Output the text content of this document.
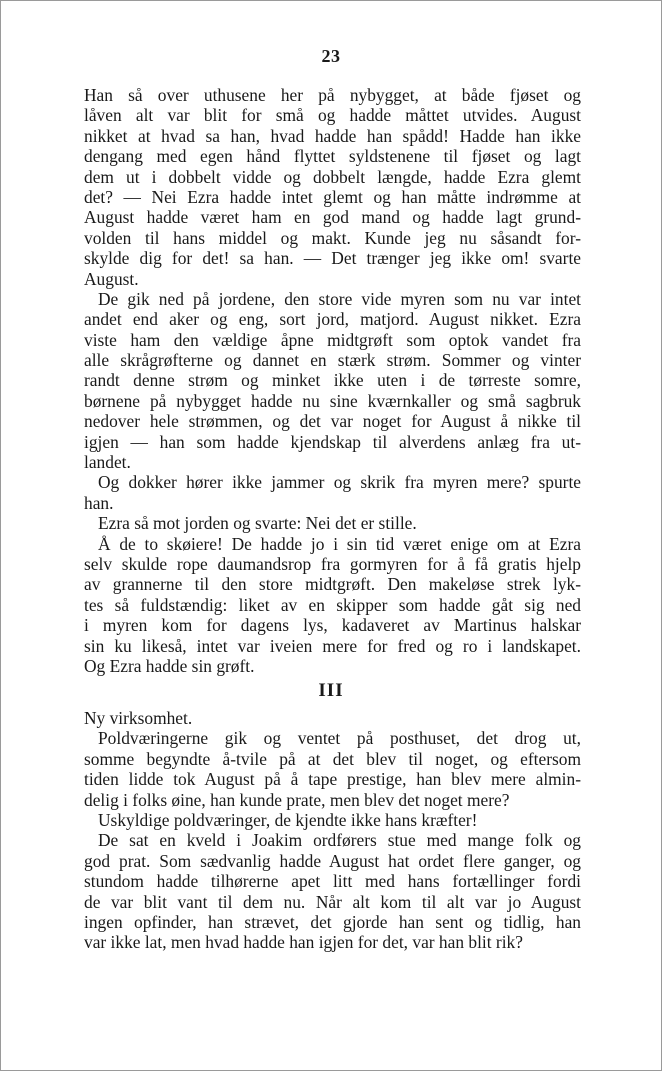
23
Han så over uthusene her på nybygget, at både fjøset og
låven alt var blit for små og hadde måttet utvides. August
nikket at hvad sa han, hvad hadde han spådd! Hadde han ikke
dengang med egen hånd flyttet syldstenene til fjøset og lagt
dem ut i dobbelt vidde og dobbelt længde, hadde Ezra glemt
det? — Nei Ezra hadde intet glemt og han måtte indrømme at
August hadde været ham en god mand og hadde lagt grund-
volden til hans middel og makt. Kunde jeg nu såsandt for-
skylde dig for det! sa han. — Det trænger jeg ikke om! svarte
August.
De gik ned på jordene, den store vide myren som nu var intet
andet end aker og eng, sort jord, matjord. August nikket. Ezra
viste ham den vældige åpne midtgrøft som optok vandet fra
alle skrågrøfterne og dannet en stærk strøm. Sommer og vinter
randt denne strøm og minket ikke uten i de tørreste somre,
børnene på nybygget hadde nu sine kværnkaller og små sagbruk
nedover hele strømmen, og det var noget for August å nikke til
igjen — han som hadde kjendskap til alverdens anlæg fra ut-
landet.
Og dokker hører ikke jammer og skrik fra myren mere? spurte
han.
Ezra så mot jorden og svarte: Nei det er stille.
Å de to skøiere! De hadde jo i sin tid været enige om at Ezra
selv skulde rope daumandsrop fra gormyren for å få gratis hjelp
av grannerne til den store midtgrøft. Den makeløse strek lyk-
tes så fuldstændig: liket av en skipper som hadde gåt sig ned
i myren kom for dagens lys, kadaveret av Martinus halskar
sin ku likeså, intet var iveien mere for fred og ro i landskapet.
Og Ezra hadde sin grøft.
III
Ny virksomhet.
Poldværingerne gik og ventet på posthuset, det drog ut,
somme begyndte å-tvile på at det blev til noget, og eftersom
tiden lidde tok August på å tape prestige, han blev mere almin-
delig i folks øine, han kunde prate, men blev det noget mere?
Uskyldige poldværinger, de kjendte ikke hans kræfter!
De sat en kveld i Joakim ordførers stue med mange folk og
god prat. Som sædvanlig hadde August hat ordet flere ganger, og
stundom hadde tilhørerne apet litt med hans fortællinger fordi
de var blit vant til dem nu. Når alt kom til alt var jo August
ingen opfinder, han strævet, det gjorde han sent og tidlig, han
var ikke lat, men hvad hadde han igjen for det, var han blit rik?
